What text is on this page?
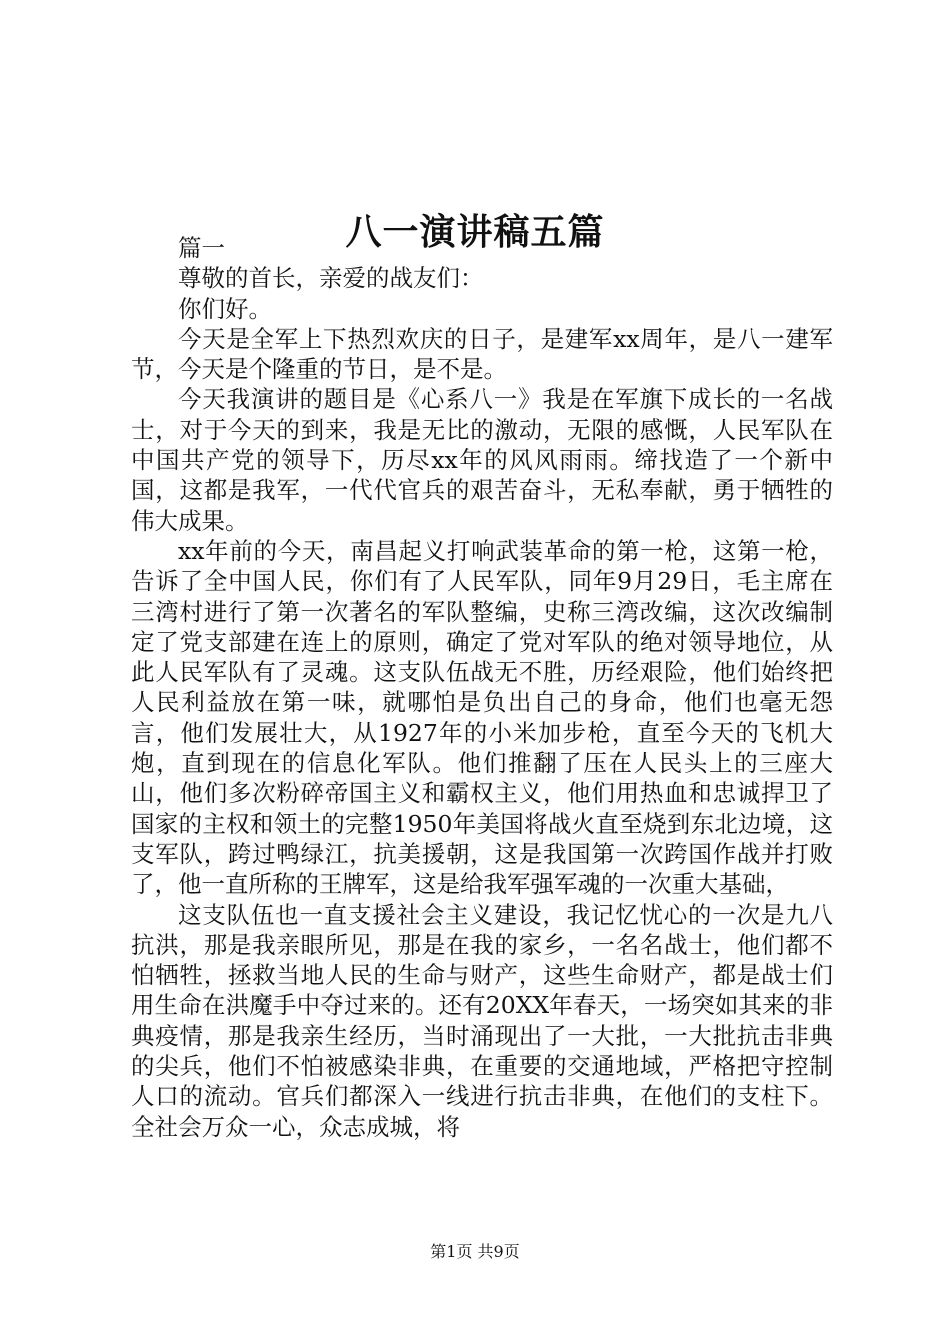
八一演讲稿五篇

篇一

尊敬的首长，亲爱的战友们：

你们好。

今天是全军上下热烈欢庆的日子，是建军xx周年，是八一建军节，今天是个隆重的节日，是不是。

今天我演讲的题目是《心系八一》我是在军旗下成长的一名战士，对于今天的到来，我是无比的激动，无限的感慨，人民军队在中国共产党的领导下，历尽xx年的风风雨雨。缔找造了一个新中国，这都是我军，一代代官兵的艰苦奋斗，无私奉献，勇于牺牲的伟大成果。

xx年前的今天，南昌起义打响武装革命的第一枪，这第一枪，告诉了全中国人民，你们有了人民军队，同年9月29日，毛主席在三湾村进行了第一次著名的军队整编，史称三湾改编，这次改编制定了党支部建在连上的原则，确定了党对军队的绝对领导地位，从此人民军队有了灵魂。这支队伍战无不胜，历经艰险，他们始终把人民利益放在第一味，就哪怕是负出自己的身命，他们也毫无怨言，他们发展壮大，从1927年的小米加步枪，直至今天的飞机大炮，直到现在的信息化军队。他们推翻了压在人民头上的三座大山，他们多次粉碎帝国主义和霸权主义，他们用热血和忠诚捍卫了国家的主权和领土的完整1950年美国将战火直至烧到东北边境，这支军队，跨过鸭绿江，抗美援朝，这是我国第一次跨国作战并打败了，他一直所称的王牌军，这是给我军强军魂的一次重大基础，

这支队伍也一直支援社会主义建设，我记忆忧心的一次是九八抗洪，那是我亲眼所见，那是在我的家乡，一名名战士，他们都不怕牺牲，拯救当地人民的生命与财产，这些生命财产，都是战士们用生命在洪魔手中夺过来的。还有20XX年春天，一场突如其来的非典疫情，那是我亲生经历，当时涌现出了一大批，一大批抗击非典的尖兵，他们不怕被感染非典，在重要的交通地域，严格把守控制人口的流动。官兵们都深入一线进行抗击非典，在他们的支柱下。全社会万众一心，众志成城，将

第1页 共9页
